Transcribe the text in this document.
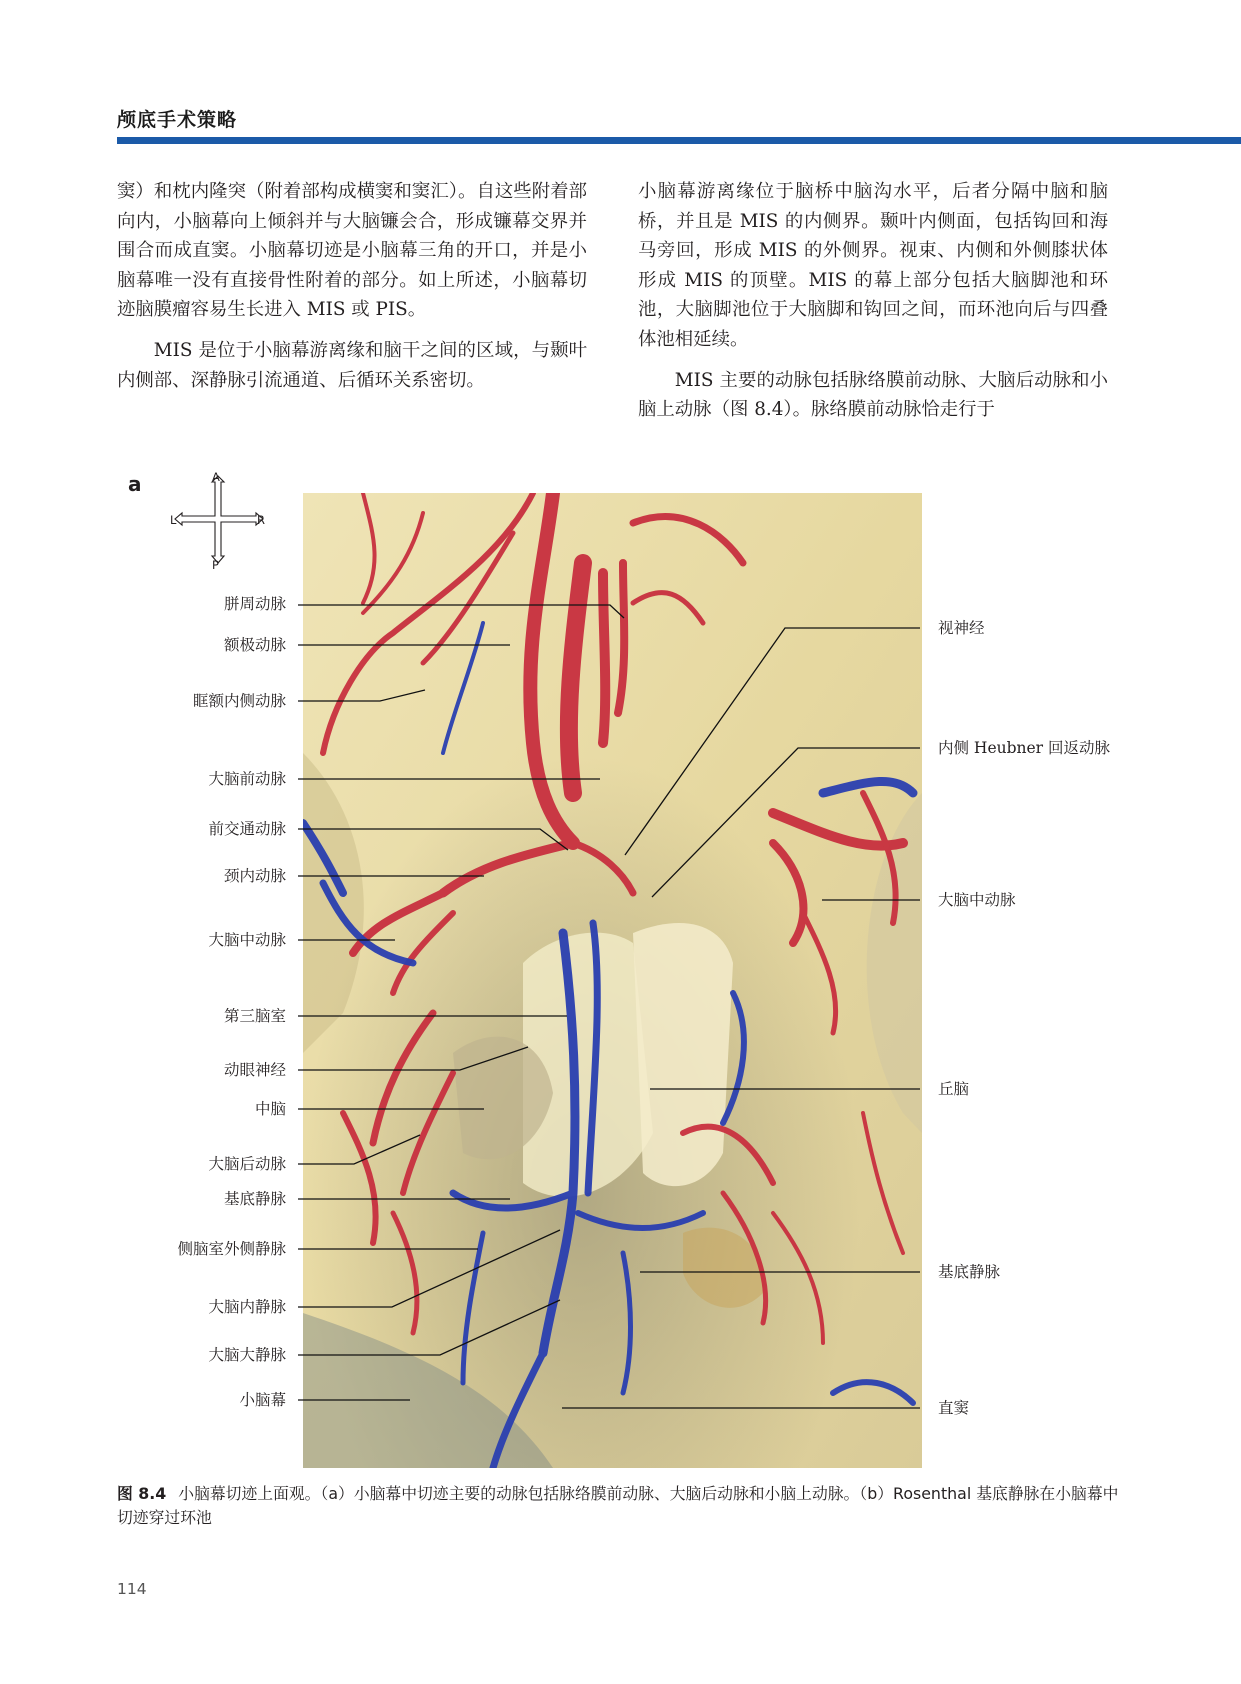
颅底手术策略

窦）和枕内隆突（附着部构成横窦和窦汇）。自这些附着部向内，小脑幕向上倾斜并与大脑镰会合，形成镰幕交界并围合而成直窦。小脑幕切迹是小脑幕三角的开口，并是小脑幕唯一没有直接骨性附着的部分。如上所述，小脑幕切迹脑膜瘤容易生长进入 MIS 或 PIS。

MIS 是位于小脑幕游离缘和脑干之间的区域，与颞叶内侧部、深静脉引流通道、后循环关系密切。

小脑幕游离缘位于脑桥中脑沟水平，后者分隔中脑和脑桥，并且是 MIS 的内侧界。颞叶内侧面，包括钩回和海马旁回，形成 MIS 的外侧界。视束、内侧和外侧膝状体形成 MIS 的顶壁。MIS 的幕上部分包括大脑脚池和环池，大脑脚池位于大脑脚和钩回之间，而环池向后与四叠体池相延续。

MIS 主要的动脉包括脉络膜前动脉、大脑后动脉和小脑上动脉（图 8.4）。脉络膜前动脉恰走行于

a	A
L	R
P
胼周动脉
额极动脉
眶额内侧动脉
大脑前动脉
前交通动脉
颈内动脉
大脑中动脉
第三脑室
动眼神经
中脑
大脑后动脉
基底静脉
侧脑室外侧静脉
大脑内静脉
大脑大静脉
小脑幕
视神经
内侧 Heubner 回返动脉
大脑中动脉
丘脑
基底静脉
直窦
图 8.4 小脑幕切迹上面观。（a）小脑幕中切迹主要的动脉包括脉络膜前动脉、大脑后动脉和小脑上动脉。（b）Rosenthal 基底静脉在小脑幕中切迹穿过环池
114
